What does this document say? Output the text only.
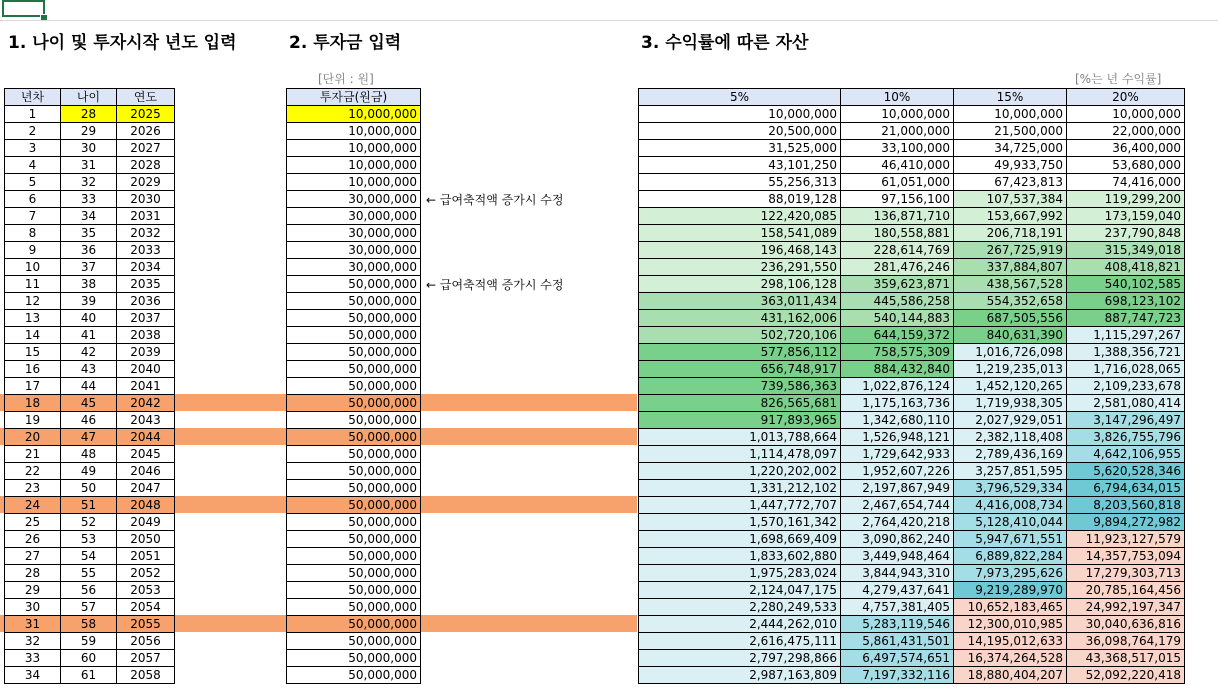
1. 나이 및 투자시작 년도 입력	2. 투자금 입력	3. 수익률에 따른 자산
[단위 : 원]	[%는 년 수익률]
← 급여축적액 증가시 수정
← 급여축적액 증가시 수정
년차	나이	연도
1	28	2025
2	29	2026
3	30	2027
4	31	2028
5	32	2029
6	33	2030
7	34	2031
8	35	2032
9	36	2033
10	37	2034
11	38	2035
12	39	2036
13	40	2037
14	41	2038
15	42	2039
16	43	2040
17	44	2041
18	45	2042
19	46	2043
20	47	2044
21	48	2045
22	49	2046
23	50	2047
24	51	2048
25	52	2049
26	53	2050
27	54	2051
28	55	2052
29	56	2053
30	57	2054
31	58	2055
32	59	2056
33	60	2057
34	61	2058
투자금(원금)
10,000,000
10,000,000
10,000,000
10,000,000
10,000,000
30,000,000
30,000,000
30,000,000
30,000,000
30,000,000
50,000,000
50,000,000
50,000,000
50,000,000
50,000,000
50,000,000
50,000,000
50,000,000
50,000,000
50,000,000
50,000,000
50,000,000
50,000,000
50,000,000
50,000,000
50,000,000
50,000,000
50,000,000
50,000,000
50,000,000
50,000,000
50,000,000
50,000,000
50,000,000
5%	10%	15%	20%
10,000,000	10,000,000	10,000,000	10,000,000
20,500,000	21,000,000	21,500,000	22,000,000
31,525,000	33,100,000	34,725,000	36,400,000
43,101,250	46,410,000	49,933,750	53,680,000
55,256,313	61,051,000	67,423,813	74,416,000
88,019,128	97,156,100	107,537,384	119,299,200
122,420,085	136,871,710	153,667,992	173,159,040
158,541,089	180,558,881	206,718,191	237,790,848
196,468,143	228,614,769	267,725,919	315,349,018
236,291,550	281,476,246	337,884,807	408,418,821
298,106,128	359,623,871	438,567,528	540,102,585
363,011,434	445,586,258	554,352,658	698,123,102
431,162,006	540,144,883	687,505,556	887,747,723
502,720,106	644,159,372	840,631,390	1,115,297,267
577,856,112	758,575,309	1,016,726,098	1,388,356,721
656,748,917	884,432,840	1,219,235,013	1,716,028,065
739,586,363	1,022,876,124	1,452,120,265	2,109,233,678
826,565,681	1,175,163,736	1,719,938,305	2,581,080,414
917,893,965	1,342,680,110	2,027,929,051	3,147,296,497
1,013,788,664	1,526,948,121	2,382,118,408	3,826,755,796
1,114,478,097	1,729,642,933	2,789,436,169	4,642,106,955
1,220,202,002	1,952,607,226	3,257,851,595	5,620,528,346
1,331,212,102	2,197,867,949	3,796,529,334	6,794,634,015
1,447,772,707	2,467,654,744	4,416,008,734	8,203,560,818
1,570,161,342	2,764,420,218	5,128,410,044	9,894,272,982
1,698,669,409	3,090,862,240	5,947,671,551	11,923,127,579
1,833,602,880	3,449,948,464	6,889,822,284	14,357,753,094
1,975,283,024	3,844,943,310	7,973,295,626	17,279,303,713
2,124,047,175	4,279,437,641	9,219,289,970	20,785,164,456
2,280,249,533	4,757,381,405	10,652,183,465	24,992,197,347
2,444,262,010	5,283,119,546	12,300,010,985	30,040,636,816
2,616,475,111	5,861,431,501	14,195,012,633	36,098,764,179
2,797,298,866	6,497,574,651	16,374,264,528	43,368,517,015
2,987,163,809	7,197,332,116	18,880,404,207	52,092,220,418
